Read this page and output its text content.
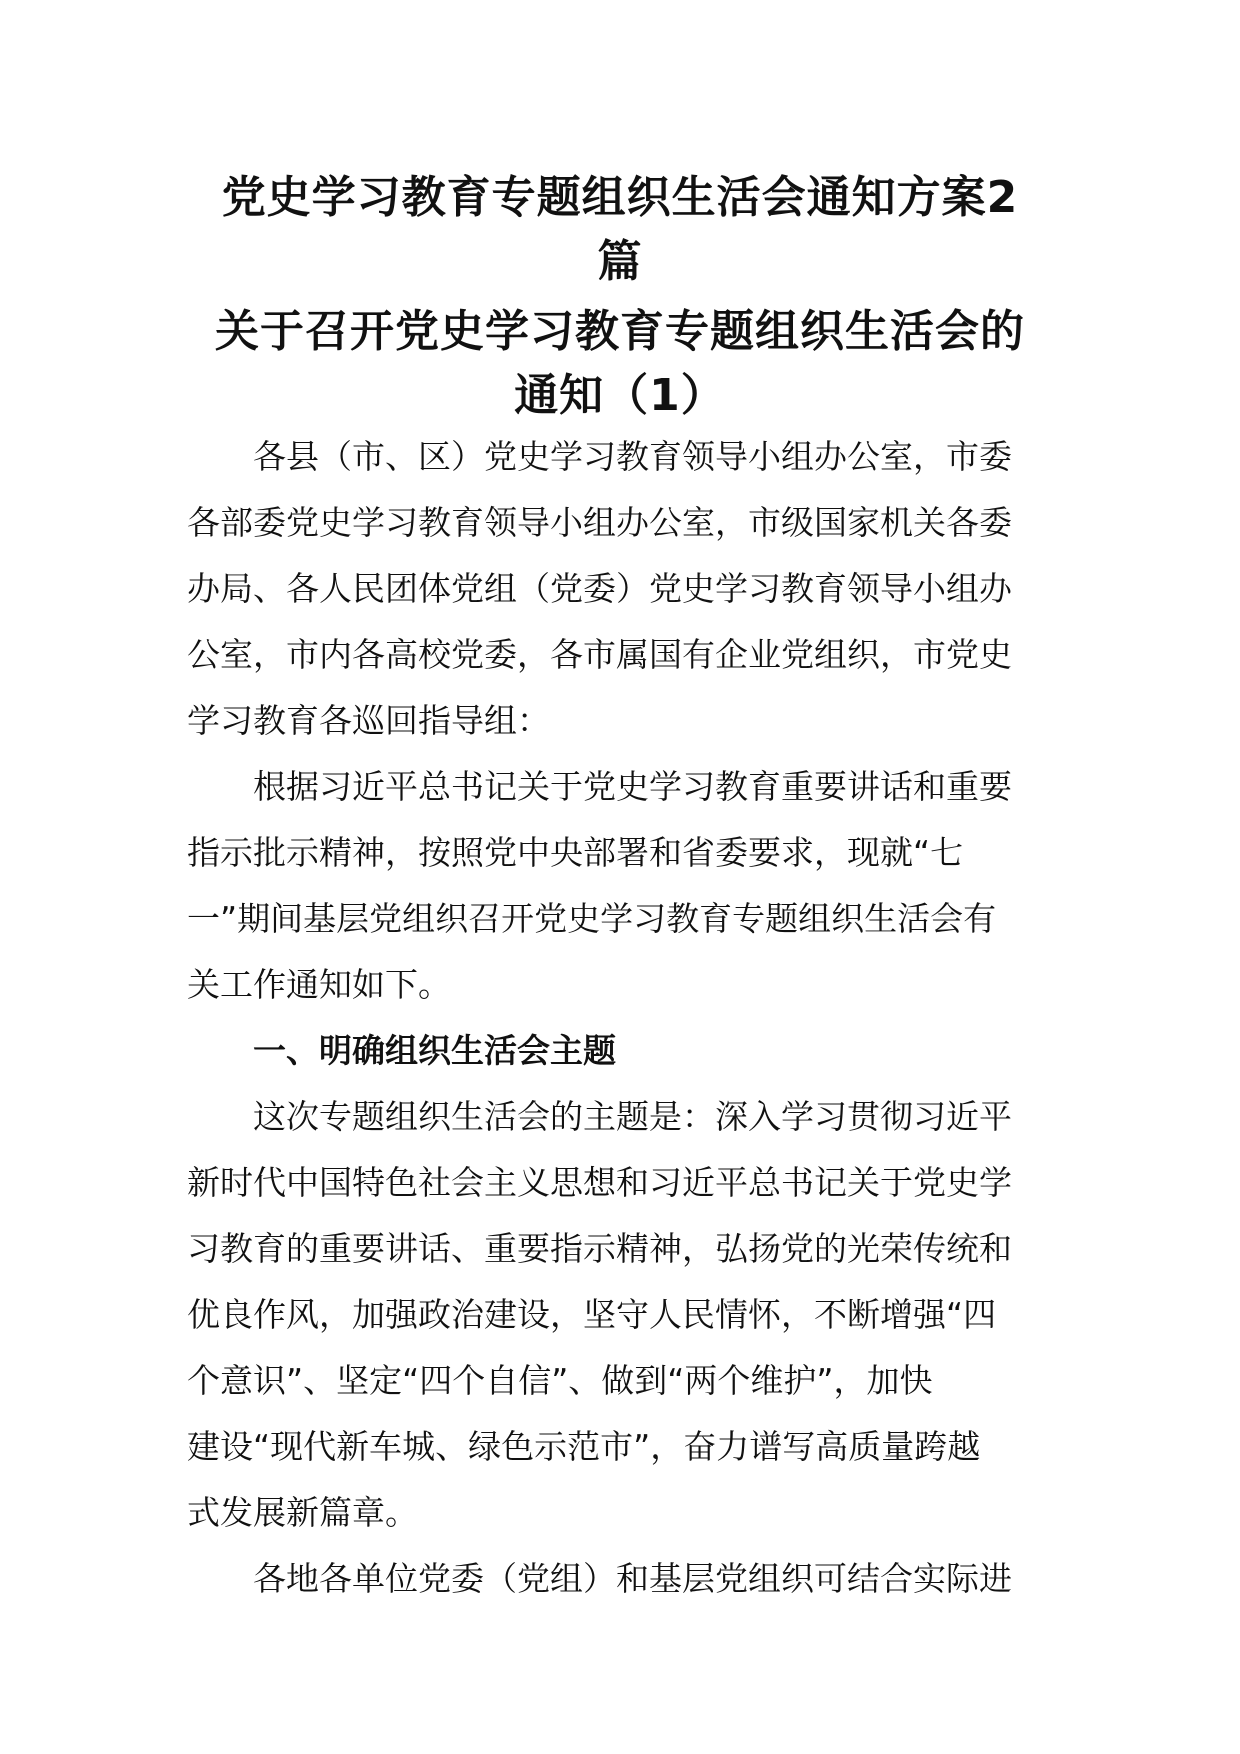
党史学习教育专题组织生活会通知方案2
篇
关于召开党史学习教育专题组织生活会的
通知（1）

各县（市、区）党史学习教育领导小组办公室，市委
各部委党史学习教育领导小组办公室，市级国家机关各委
办局、各人民团体党组（党委）党史学习教育领导小组办
公室，市内各高校党委，各市属国有企业党组织，市党史
学习教育各巡回指导组：

根据习近平总书记关于党史学习教育重要讲话和重要
指示批示精神，按照党中央部署和省委要求，现就“七
一”期间基层党组织召开党史学习教育专题组织生活会有
关工作通知如下。

一、明确组织生活会主题

这次专题组织生活会的主题是：深入学习贯彻习近平
新时代中国特色社会主义思想和习近平总书记关于党史学
习教育的重要讲话、重要指示精神，弘扬党的光荣传统和
优良作风，加强政治建设，坚守人民情怀，不断增强“四
个意识”、坚定“四个自信”、做到“两个维护”，加快
建设“现代新车城、绿色示范市”，奋力谱写高质量跨越
式发展新篇章。

各地各单位党委（党组）和基层党组织可结合实际进
